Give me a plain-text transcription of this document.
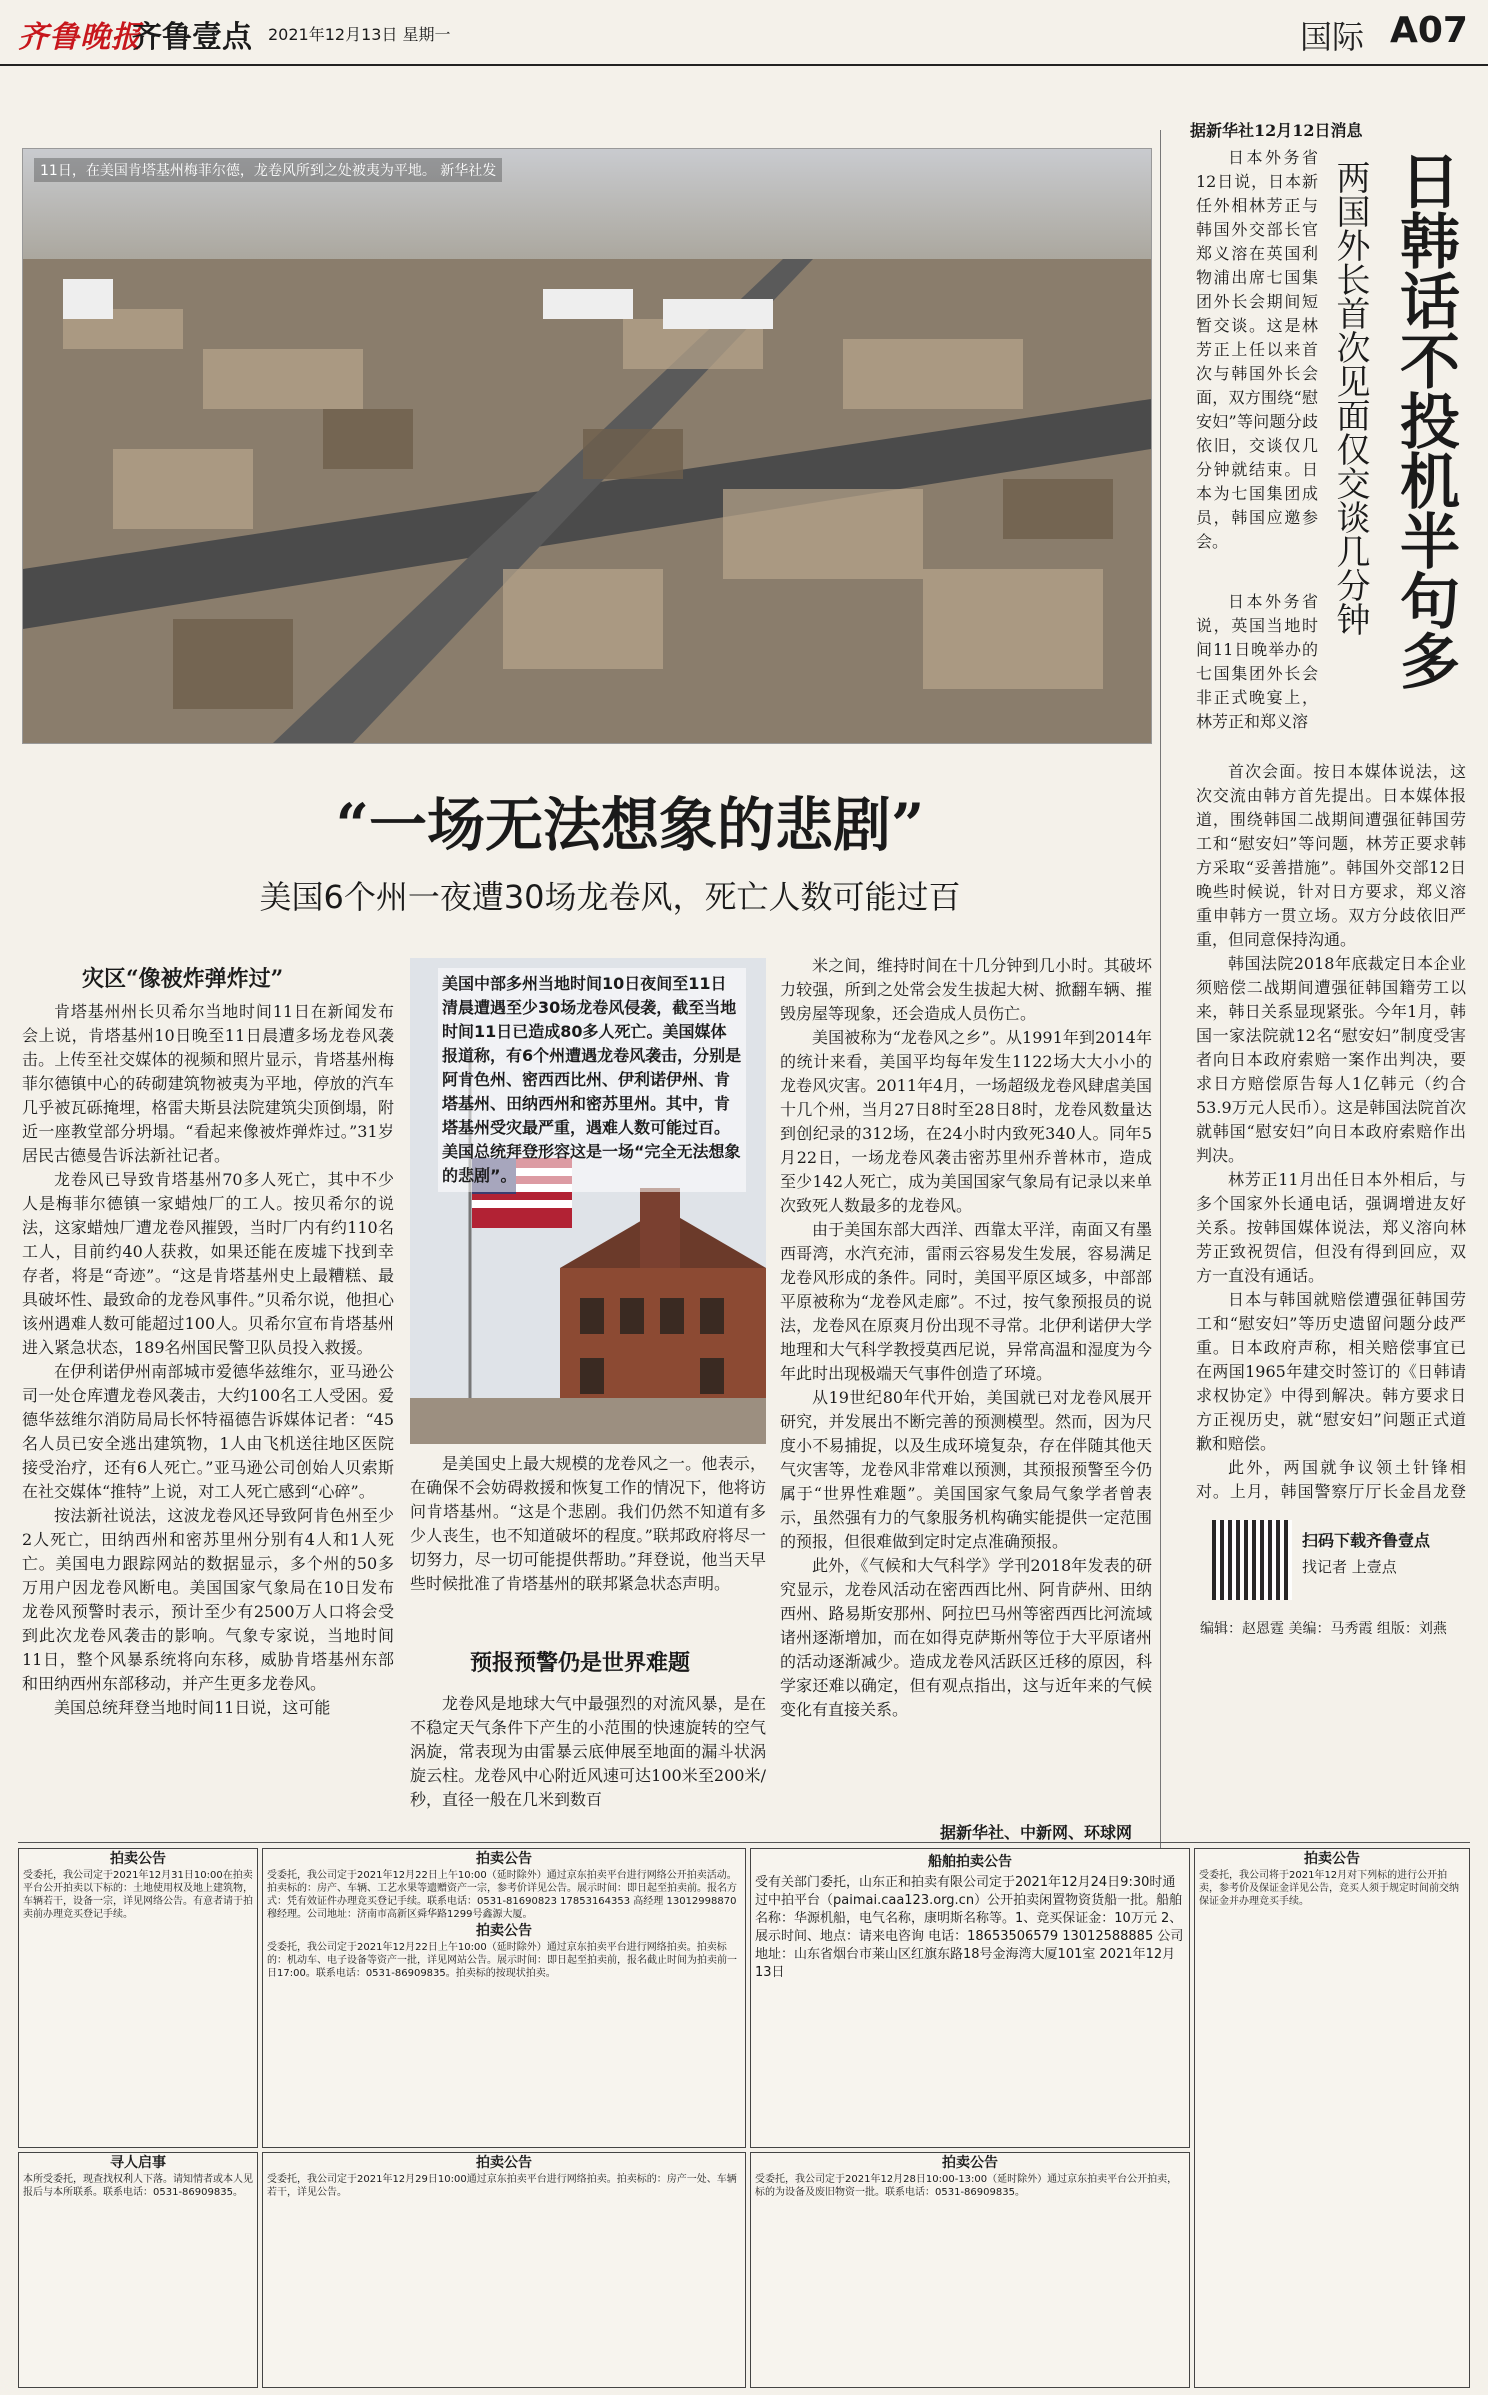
齐鲁晚报
齐鲁壹点 2021年12月13日 星期一	国际 A07
11日，在美国肯塔基州梅菲尔德，龙卷风所到之处被夷为平地。 新华社发
“一场无法想象的悲剧”
美国6个州一夜遭30场龙卷风，死亡人数可能过百
灾区“像被炸弹炸过”

肯塔基州州长贝希尔当地时间11日在新闻发布会上说，肯塔基州10日晚至11日晨遭多场龙卷风袭击。上传至社交媒体的视频和照片显示，肯塔基州梅菲尔德镇中心的砖砌建筑物被夷为平地，停放的汽车几乎被瓦砾掩埋，格雷夫斯县法院建筑尖顶倒塌，附近一座教堂部分坍塌。“看起来像被炸弹炸过。”31岁居民古德曼告诉法新社记者。

龙卷风已导致肯塔基州70多人死亡，其中不少人是梅菲尔德镇一家蜡烛厂的工人。按贝希尔的说法，这家蜡烛厂遭龙卷风摧毁，当时厂内有约110名工人，目前约40人获救，如果还能在废墟下找到幸存者，将是“奇迹”。“这是肯塔基州史上最糟糕、最具破坏性、最致命的龙卷风事件。”贝希尔说，他担心该州遇难人数可能超过100人。贝希尔宣布肯塔基州进入紧急状态，189名州国民警卫队员投入救援。

在伊利诺伊州南部城市爱德华兹维尔，亚马逊公司一处仓库遭龙卷风袭击，大约100名工人受困。爱德华兹维尔消防局局长怀特福德告诉媒体记者：“45名人员已安全逃出建筑物，1人由飞机送往地区医院接受治疗，还有6人死亡。”亚马逊公司创始人贝索斯在社交媒体“推特”上说，对工人死亡感到“心碎”。

按法新社说法，这波龙卷风还导致阿肯色州至少2人死亡，田纳西州和密苏里州分别有4人和1人死亡。美国电力跟踪网站的数据显示，多个州的50多万用户因龙卷风断电。美国国家气象局在10日发布龙卷风预警时表示，预计至少有2500万人口将会受到此次龙卷风袭击的影响。气象专家说，当地时间11日，整个风暴系统将向东移，威胁肯塔基州东部和田纳西州东部移动，并产生更多龙卷风。

美国总统拜登当地时间11日说，这可能

美国中部多州当地时间10日夜间至11日清晨遭遇至少30场龙卷风侵袭，截至当地时间11日已造成80多人死亡。美国媒体报道称，有6个州遭遇龙卷风袭击，分别是阿肯色州、密西西比州、伊利诺伊州、肯塔基州、田纳西州和密苏里州。其中，肯塔基州受灾最严重，遇难人数可能过百。美国总统拜登形容这是一场“完全无法想象的悲剧”。

是美国史上最大规模的龙卷风之一。他表示，在确保不会妨碍救援和恢复工作的情况下，他将访问肯塔基州。“这是个悲剧。我们仍然不知道有多少人丧生，也不知道破坏的程度。”联邦政府将尽一切努力，尽一切可能提供帮助。”拜登说，他当天早些时候批准了肯塔基州的联邦紧急状态声明。

预报预警仍是世界难题

龙卷风是地球大气中最强烈的对流风暴，是在不稳定天气条件下产生的小范围的快速旋转的空气涡旋，常表现为由雷暴云底伸展至地面的漏斗状涡旋云柱。龙卷风中心附近风速可达100米至200米/秒，直径一般在几米到数百

米之间，维持时间在十几分钟到几小时。其破坏力较强，所到之处常会发生拔起大树、掀翻车辆、摧毁房屋等现象，还会造成人员伤亡。

美国被称为“龙卷风之乡”。从1991年到2014年的统计来看，美国平均每年发生1122场大大小小的龙卷风灾害。2011年4月，一场超级龙卷风肆虐美国十几个州，当月27日8时至28日8时，龙卷风数量达到创纪录的312场，在24小时内致死340人。同年5月22日，一场龙卷风袭击密苏里州乔普林市，造成至少142人死亡，成为美国国家气象局有记录以来单次致死人数最多的龙卷风。

由于美国东部大西洋、西靠太平洋，南面又有墨西哥湾，水汽充沛，雷雨云容易发生发展，容易满足龙卷风形成的条件。同时，美国平原区域多，中部部平原被称为“龙卷风走廊”。不过，按气象预报员的说法，龙卷风在原爽月份出现不寻常。北伊利诺伊大学地理和大气科学教授莫西尼说，异常高温和湿度为今年此时出现极端天气事件创造了环境。

从19世纪80年代开始，美国就已对龙卷风展开研究，并发展出不断完善的预测模型。然而，因为尺度小不易捕捉，以及生成环境复杂，存在伴随其他天气灾害等，龙卷风非常难以预测，其预报预警至今仍属于“世界性难题”。美国国家气象局气象学者曾表示，虽然强有力的气象服务机构确实能提供一定范围的预报，但很难做到定时定点准确预报。

此外，《气候和大气科学》学刊2018年发表的研究显示，龙卷风活动在密西西比州、阿肯萨州、田纳西州、路易斯安那州、阿拉巴马州等密西西比河流域诸州逐渐增加，而在如得克萨斯州等位于大平原诸州的活动逐渐减少。造成龙卷风活跃区迁移的原因，科学家还难以确定，但有观点指出，这与近年来的气候变化有直接关系。

据新华社、中新网、环球网
据新华社12月12日消息
日韩话不投机半句多
两国外长首次见面仅交谈几分钟

日本外务省12日说，日本新任外相林芳正与韩国外交部长官郑义溶在英国利物浦出席七国集团外长会期间短暂交谈。这是林芳正上任以来首次与韩国外长会面，双方围绕“慰安妇”等问题分歧依旧，交谈仅几分钟就结束。日本为七国集团成员，韩国应邀参会。

日本外务省说，英国当地时间11日晚举办的七国集团外长会非正式晚宴上，林芳正和郑义溶

首次会面。按日本媒体说法，这次交流由韩方首先提出。日本媒体报道，围绕韩国二战期间遭强征韩国劳工和“慰安妇”等问题，林芳正要求韩方采取“妥善措施”。韩国外交部12日晚些时候说，针对日方要求，郑义溶重申韩方一贯立场。双方分歧依旧严重，但同意保持沟通。

韩国法院2018年底裁定日本企业须赔偿二战期间遭强征韩国籍劳工以来，韩日关系显现紧张。今年1月，韩国一家法院就12名“慰安妇”制度受害者向日本政府索赔一案作出判决，要求日方赔偿原告每人1亿韩元（约合53.9万元人民币）。这是韩国法院首次就韩国“慰安妇”向日本政府索赔作出判决。

林芳正11月出任日本外相后，与多个国家外长通电话，强调增进友好关系。按韩国媒体说法，郑义溶向林芳正致祝贺信，但没有得到回应，双方一直没有通话。

日本与韩国就赔偿遭强征韩国劳工和“慰安妇”等历史遗留问题分歧严重。日本政府声称，相关赔偿事宜已在两国1965年建交时签订的《日韩请求权协定》中得到解决。韩方要求日方正视历史，就“慰安妇”问题正式道歉和赔偿。

此外，两国就争议领土针锋相对。上月，韩国警察厅厅长金昌龙登

扫码下载齐鲁壹点
找记者 上壹点
编辑：赵恩霆 美编：马秀霞 组版：刘燕
拍卖公告
受委托，我公司定于2021年12月31日10:00在拍卖平台公开拍卖以下标的：土地使用权及地上建筑物，车辆若干，设备一宗，详见网络公告。有意者请于拍卖前办理竞买登记手续。
拍卖公告
受委托，我公司定于2021年12月22日上午10:00（延时除外）通过京东拍卖平台进行网络公开拍卖活动。拍卖标的：房产、车辆、工艺水果等遗赠资产一宗，参考价详见公告。展示时间：即日起至拍卖前。报名方式：凭有效证件办理竞买登记手续。联系电话：0531-81690823 17853164353 高经理 13012998870 穆经理。公司地址：济南市高新区舜华路1299号鑫源大厦。
拍卖公告
受委托，我公司定于2021年12月22日上午10:00（延时除外）通过京东拍卖平台进行网络拍卖。拍卖标的：机动车、电子设备等资产一批，详见网站公告。展示时间：即日起至拍卖前，报名截止时间为拍卖前一日17:00。联系电话：0531-86909835。拍卖标的按现状拍卖。
船舶拍卖公告
受有关部门委托，山东正和拍卖有限公司定于2021年12月24日9:30时通过中拍平台（paimai.caa123.org.cn）公开拍卖闲置物资货船一批。船舶名称：华源机船，电气名称，康明斯名称等。1、竞买保证金：10万元 2、展示时间、地点：请来电咨询 电话：18653506579 13012588885 公司地址：山东省烟台市莱山区红旗东路18号金海湾大厦101室 2021年12月13日
拍卖公告
受委托，我公司将于2021年12月对下列标的进行公开拍卖，参考价及保证金详见公告，竞买人须于规定时间前交纳保证金并办理竞买手续。
寻人启事
本所受委托，现查找权利人下落。请知情者或本人见报后与本所联系。联系电话：0531-86909835。
拍卖公告
受委托，我公司定于2021年12月29日10:00通过京东拍卖平台进行网络拍卖。拍卖标的：房产一处、车辆若干，详见公告。
拍卖公告
受委托，我公司定于2021年12月28日10:00-13:00（延时除外）通过京东拍卖平台公开拍卖，标的为设备及废旧物资一批。联系电话：0531-86909835。
